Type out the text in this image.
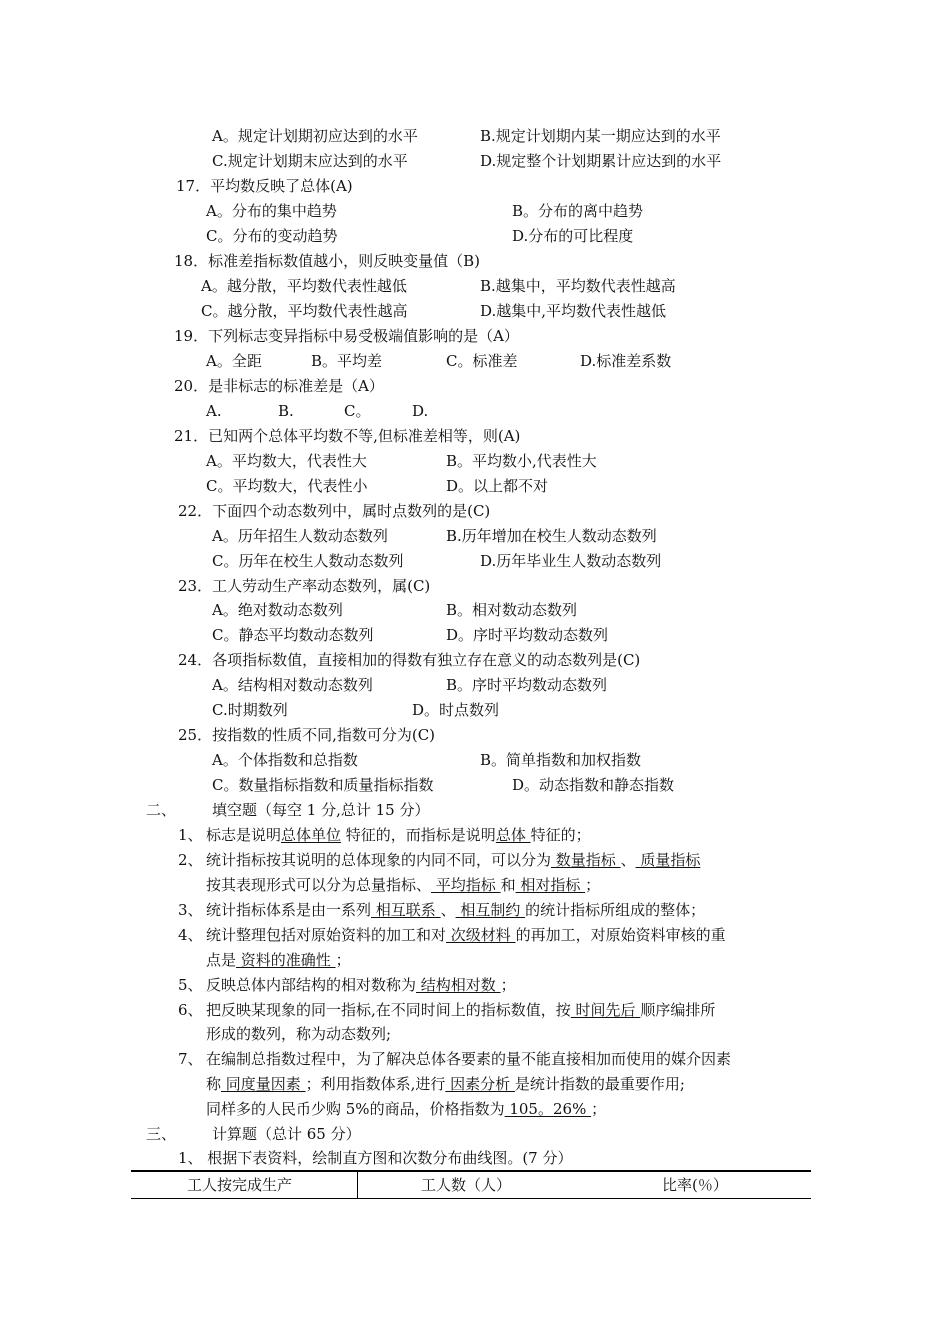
A。规定计划期初应达到的水平	B.规定计划期内某一期应达到的水平
C.规定计划期末应达到的水平	D.规定整个计划期累计应达到的水平
17．平均数反映了总体(A)
A。分布的集中趋势	B。分布的离中趋势
C。分布的变动趋势	D.分布的可比程度
18．标准差指标数值越小，则反映变量值（B)
A。越分散，平均数代表性越低	B.越集中，平均数代表性越高
C。越分散，平均数代表性越高	D.越集中,平均数代表性越低
19．下列标志变异指标中易受极端值影响的是（A）
A。全距	B。平均差	C。标准差	D.标准差系数
20．是非标志的标准差是（A）
A.	B.	C。	D.
21．已知两个总体平均数不等,但标准差相等，则(A)
A。平均数大，代表性大	B。平均数小,代表性大
C。平均数大，代表性小	D。以上都不对
22．下面四个动态数列中，属时点数列的是(C)
A。历年招生人数动态数列	B.历年增加在校生人数动态数列
C。历年在校生人数动态数列	D.历年毕业生人数动态数列
23．工人劳动生产率动态数列，属(C)
A。绝对数动态数列	B。相对数动态数列
C。静态平均数动态数列	D。序时平均数动态数列
24．各项指标数值，直接相加的得数有独立存在意义的动态数列是(C)
A。结构相对数动态数列	B。序时平均数动态数列
C.时期数列	D。时点数列
25．按指数的性质不同,指数可分为(C)
A。个体指数和总指数	B。简单指数和加权指数
C。数量指标指数和质量指标指数	D。动态指数和静态指数
二、 填空题（每空 1 分,总计 15 分）
1、 标志是说明总体单位 特征的，而指标是说明总体 特征的；
2、 统计指标按其说明的总体现象的内同不同，可以分为 数量指标 、 质量指标
按其表现形式可以分为总量指标、 平均指标 和 相对指标 ；
3、 统计指标体系是由一系列 相互联系 、 相互制约 的统计指标所组成的整体；
4、 统计整理包括对原始资料的加工和对 次级材料 的再加工，对原始资料审核的重
点是 资料的准确性 ；
5、 反映总体内部结构的相对数称为 结构相对数 ；
6、 把反映某现象的同一指标,在不同时间上的指标数值，按 时间先后 顺序编排所
形成的数列，称为动态数列;
7、 在编制总指数过程中，为了解决总体各要素的量不能直接相加而使用的媒介因素
称 同度量因素 ；利用指数体系,进行 因素分析 是统计指数的最重要作用;
同样多的人民币少购 5%的商品，价格指数为 105。26% ；
三、 计算题（总计 65 分）
1、 根据下表资料，绘制直方图和次数分布曲线图。(7 分）
工人按完成生产	工人数（人）	比率(％）
